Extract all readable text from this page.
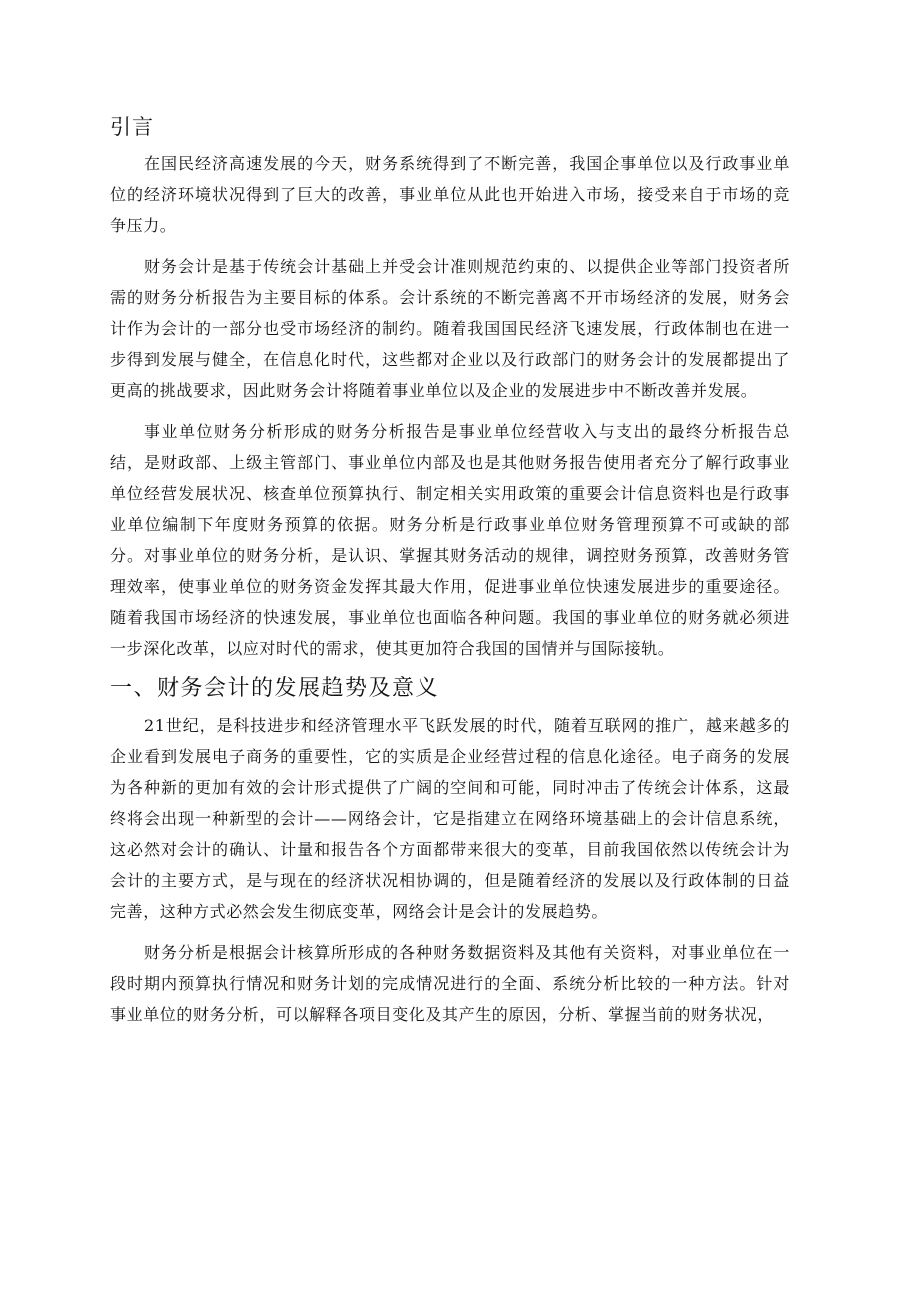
引言

在国民经济高速发展的今天，财务系统得到了不断完善，我国企事单位以及行政事业单位的经济环境状况得到了巨大的改善，事业单位从此也开始进入市场，接受来自于市场的竞争压力。

财务会计是基于传统会计基础上并受会计准则规范约束的、以提供企业等部门投资者所需的财务分析报告为主要目标的体系。会计系统的不断完善离不开市场经济的发展，财务会计作为会计的一部分也受市场经济的制约。随着我国国民经济飞速发展，行政体制也在进一步得到发展与健全，在信息化时代，这些都对企业以及行政部门的财务会计的发展都提出了更高的挑战要求，因此财务会计将随着事业单位以及企业的发展进步中不断改善并发展。

事业单位财务分析形成的财务分析报告是事业单位经营收入与支出的最终分析报告总结，是财政部、上级主管部门、事业单位内部及也是其他财务报告使用者充分了解行政事业单位经营发展状况、核查单位预算执行、制定相关实用政策的重要会计信息资料也是行政事业单位编制下年度财务预算的依据。财务分析是行政事业单位财务管理预算不可或缺的部分。对事业单位的财务分析，是认识、掌握其财务活动的规律，调控财务预算，改善财务管理效率，使事业单位的财务资金发挥其最大作用，促进事业单位快速发展进步的重要途径。随着我国市场经济的快速发展，事业单位也面临各种问题。我国的事业单位的财务就必须进一步深化改革，以应对时代的需求，使其更加符合我国的国情并与国际接轨。

一、财务会计的发展趋势及意义

21世纪，是科技进步和经济管理水平飞跃发展的时代，随着互联网的推广，越来越多的企业看到发展电子商务的重要性，它的实质是企业经营过程的信息化途径。电子商务的发展为各种新的更加有效的会计形式提供了广阔的空间和可能，同时冲击了传统会计体系，这最终将会出现一种新型的会计——网络会计，它是指建立在网络环境基础上的会计信息系统，这必然对会计的确认、计量和报告各个方面都带来很大的变革，目前我国依然以传统会计为会计的主要方式，是与现在的经济状况相协调的，但是随着经济的发展以及行政体制的日益完善，这种方式必然会发生彻底变革，网络会计是会计的发展趋势。

财务分析是根据会计核算所形成的各种财务数据资料及其他有关资料，对事业单位在一段时期内预算执行情况和财务计划的完成情况进行的全面、系统分析比较的一种方法。针对事业单位的财务分析，可以解释各项目变化及其产生的原因，分析、掌握当前的财务状况，
